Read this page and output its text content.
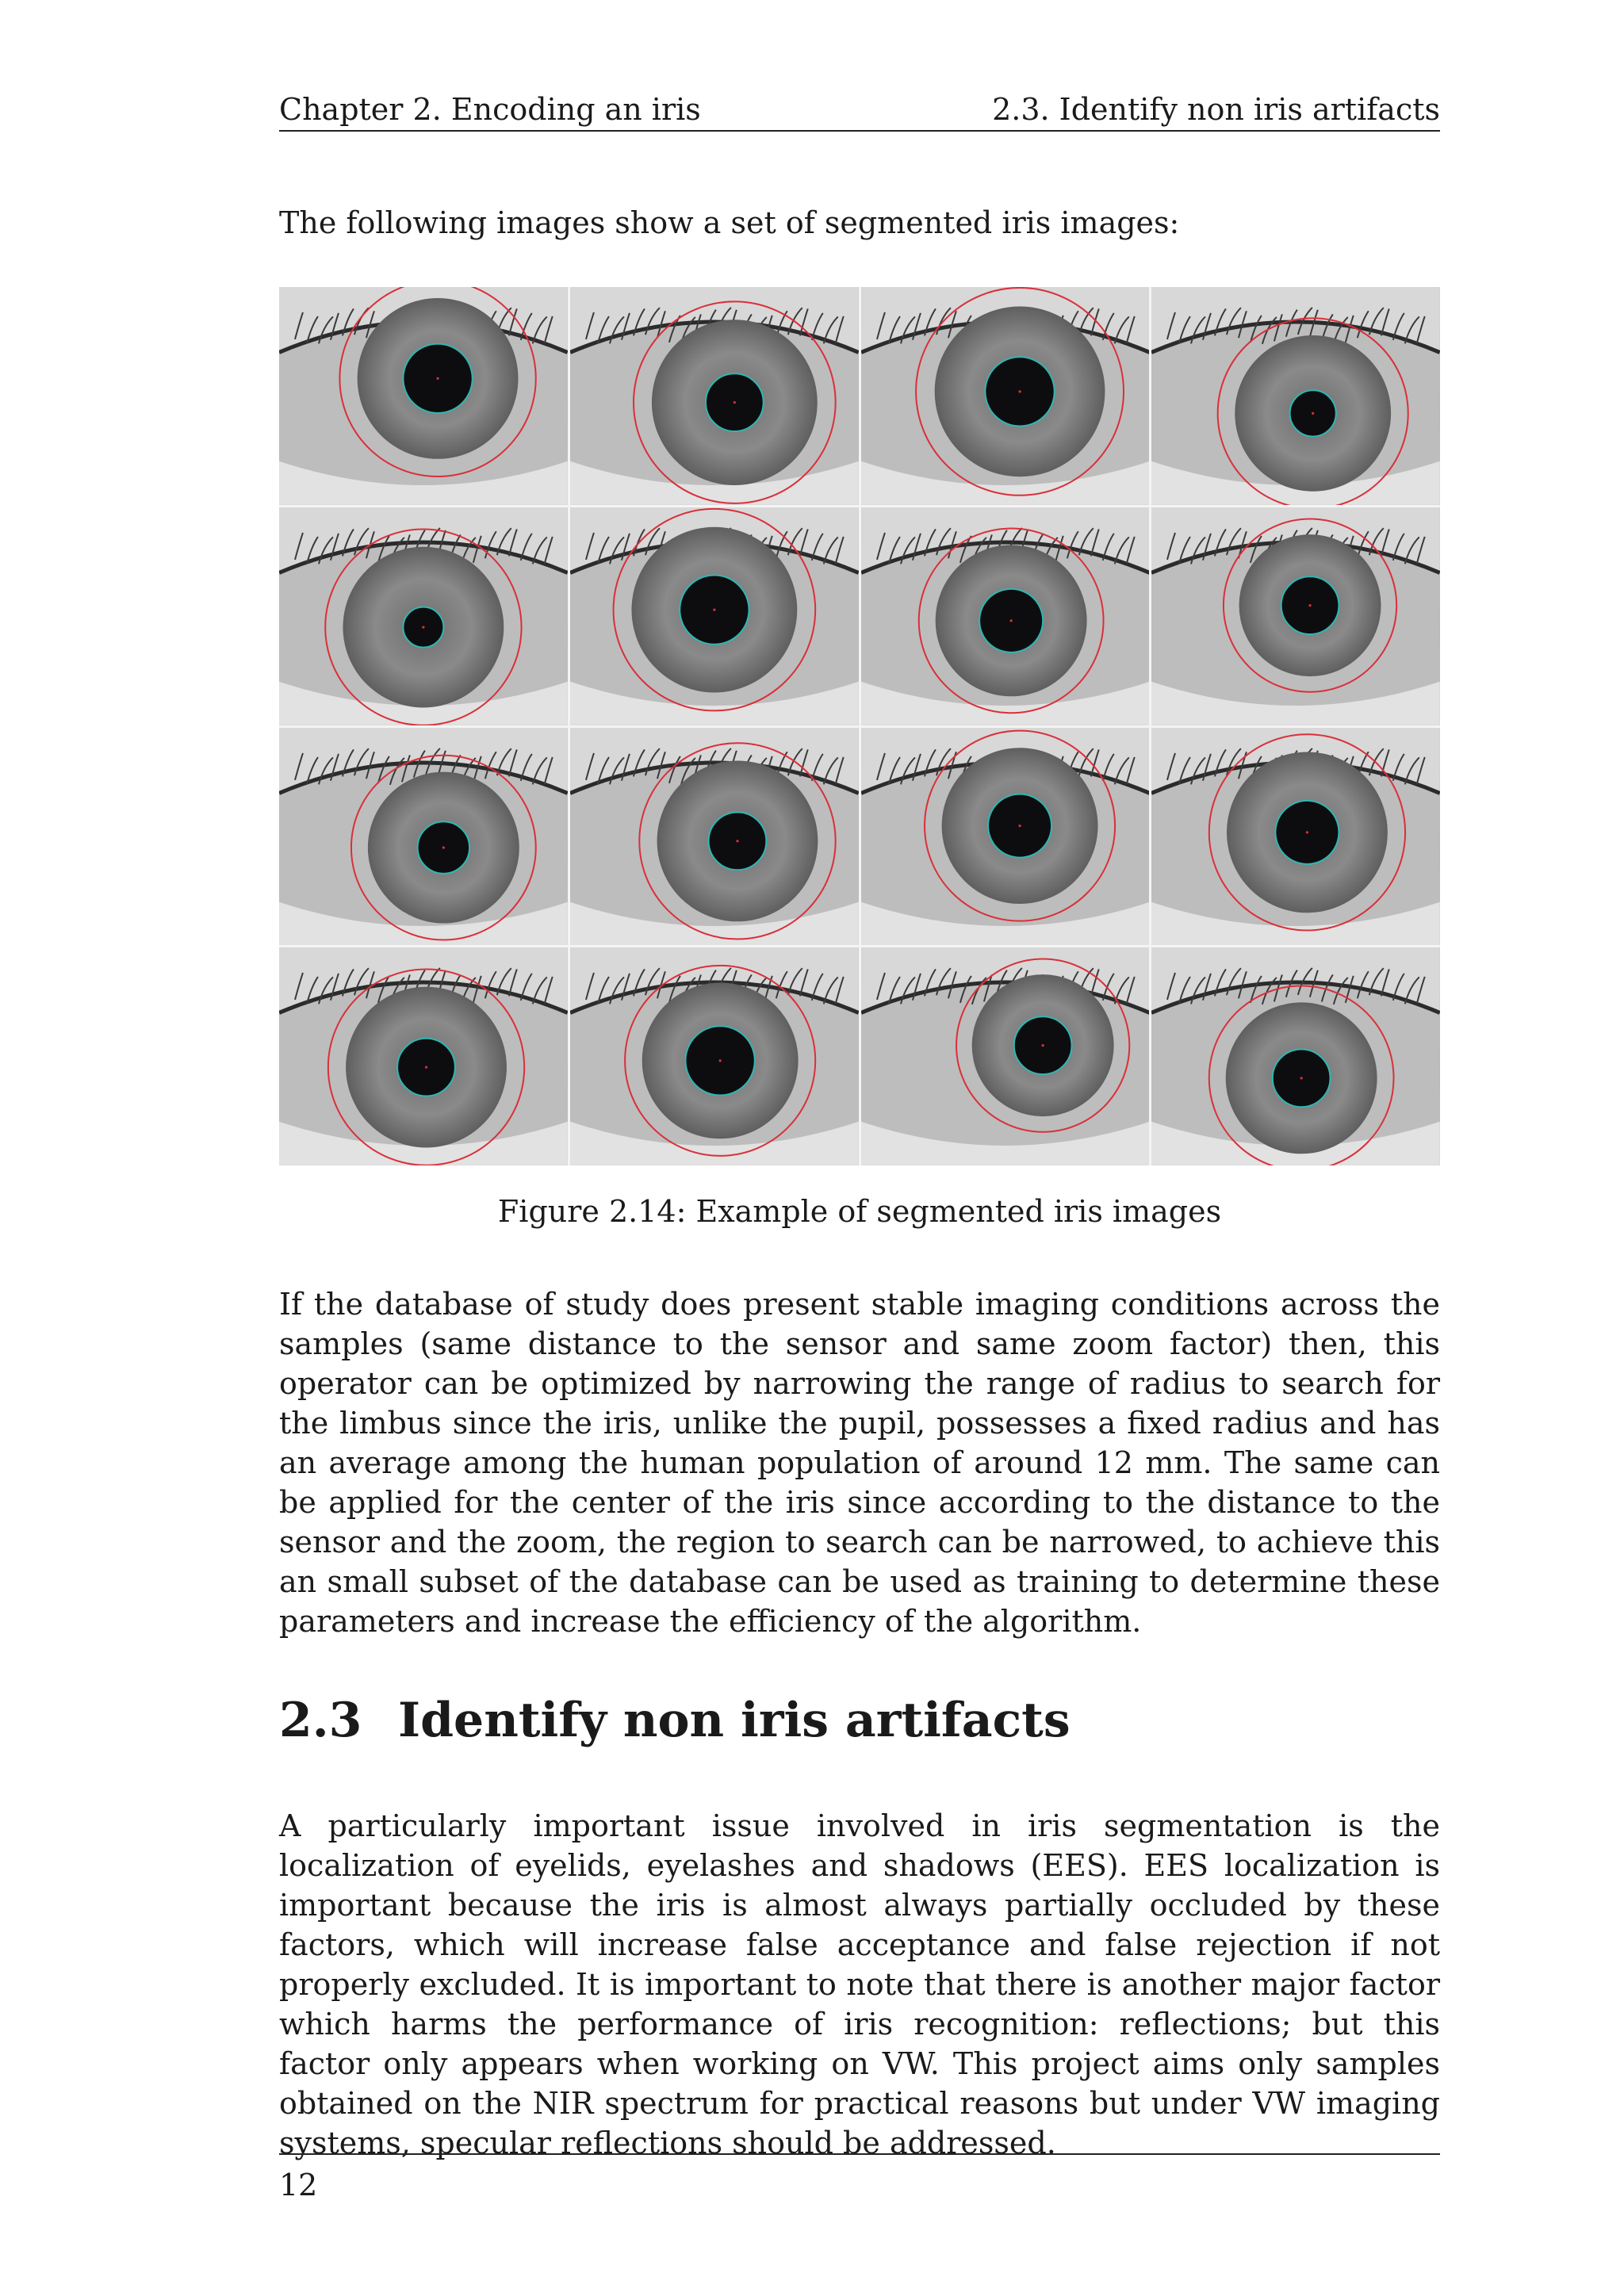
Chapter 2. Encoding an iris	2.3. Identify non iris artifacts
The following images show a set of segmented iris images:
Figure 2.14: Example of segmented iris images
If the database of study does present stable imaging conditions across the samples (same distance to the sensor and same zoom factor) then, this operator can be optimized by narrowing the range of radius to search for the limbus since the iris, unlike the pupil, possesses a fixed radius and has an average among the human population of around 12 mm. The same can be applied for the center of the iris since according to the distance to the sensor and the zoom, the region to search can be narrowed, to achieve this an small subset of the database can be used as training to determine these parameters and increase the efficiency of the algorithm.
2.3 Identify non iris artifacts
A particularly important issue involved in iris segmentation is the localization of eyelids, eyelashes and shadows (EES). EES localization is important because the iris is almost always partially occluded by these factors, which will increase false acceptance and false rejection if not properly excluded. It is important to note that there is another major factor which harms the performance of iris recognition: reflections; but this factor only appears when working on VW. This project aims only samples obtained on the NIR spectrum for practical reasons but under VW imaging systems, specular reflections should be addressed.
12
